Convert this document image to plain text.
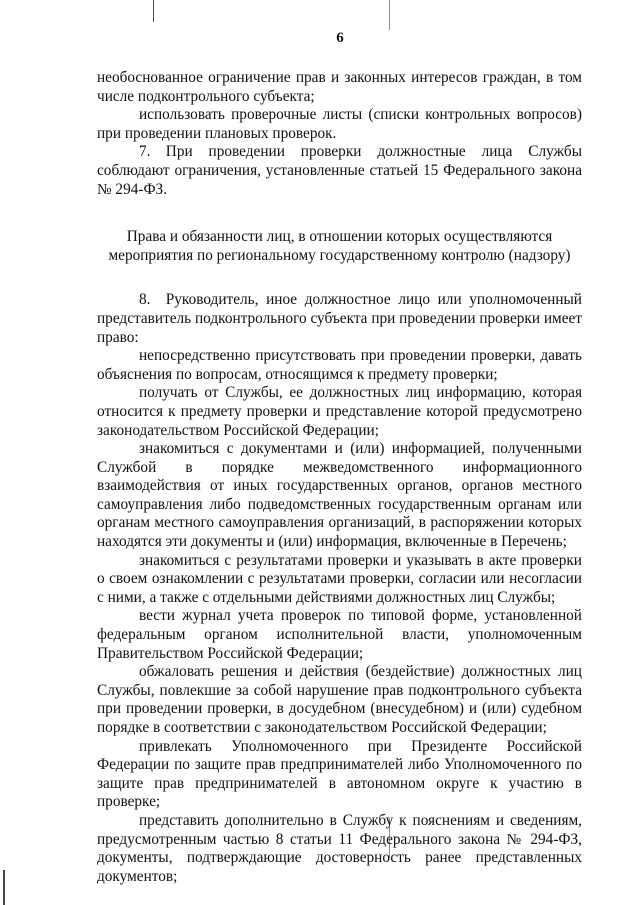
6

необоснованное ограничение прав и законных интересов граждан, в том числе подконтрольного субъекта;

использовать проверочные листы (списки контрольных вопросов) при проведении плановых проверок.

7. При проведении проверки должностные лица Службы соблюдают ограничения, установленные статьей 15 Федерального закона № 294-ФЗ.

Права и обязанности лиц, в отношении которых осуществляются мероприятия по региональному государственному контролю (надзору)

8. Руководитель, иное должностное лицо или уполномоченный представитель подконтрольного субъекта при проведении проверки имеет право:

непосредственно присутствовать при проведении проверки, давать объяснения по вопросам, относящимся к предмету проверки;

получать от Службы, ее должностных лиц информацию, которая относится к предмету проверки и представление которой предусмотрено законодательством Российской Федерации;

знакомиться с документами и (или) информацией, полученными Службой в порядке межведомственного информационного взаимодействия от иных государственных органов, органов местного самоуправления либо подведомственных государственным органам или органам местного самоуправления организаций, в распоряжении которых находятся эти документы и (или) информация, включенные в Перечень;

знакомиться с результатами проверки и указывать в акте проверки о своем ознакомлении с результатами проверки, согласии или несогласии с ними, а также с отдельными действиями должностных лиц Службы;

вести журнал учета проверок по типовой форме, установленной федеральным органом исполнительной власти, уполномоченным Правительством Российской Федерации;

обжаловать решения и действия (бездействие) должностных лиц Службы, повлекшие за собой нарушение прав подконтрольного субъекта при проведении проверки, в досудебном (внесудебном) и (или) судебном порядке в соответствии с законодательством Российской Федерации;

привлекать Уполномоченного при Президенте Российской Федерации по защите прав предпринимателей либо Уполномоченного по защите прав предпринимателей в автономном округе к участию в проверке;

представить дополнительно в Службу к пояснениям и сведениям, предусмотренным частью 8 статьи 11 Федерального закона № 294-ФЗ, документы, подтверждающие достоверность ранее представленных документов;
